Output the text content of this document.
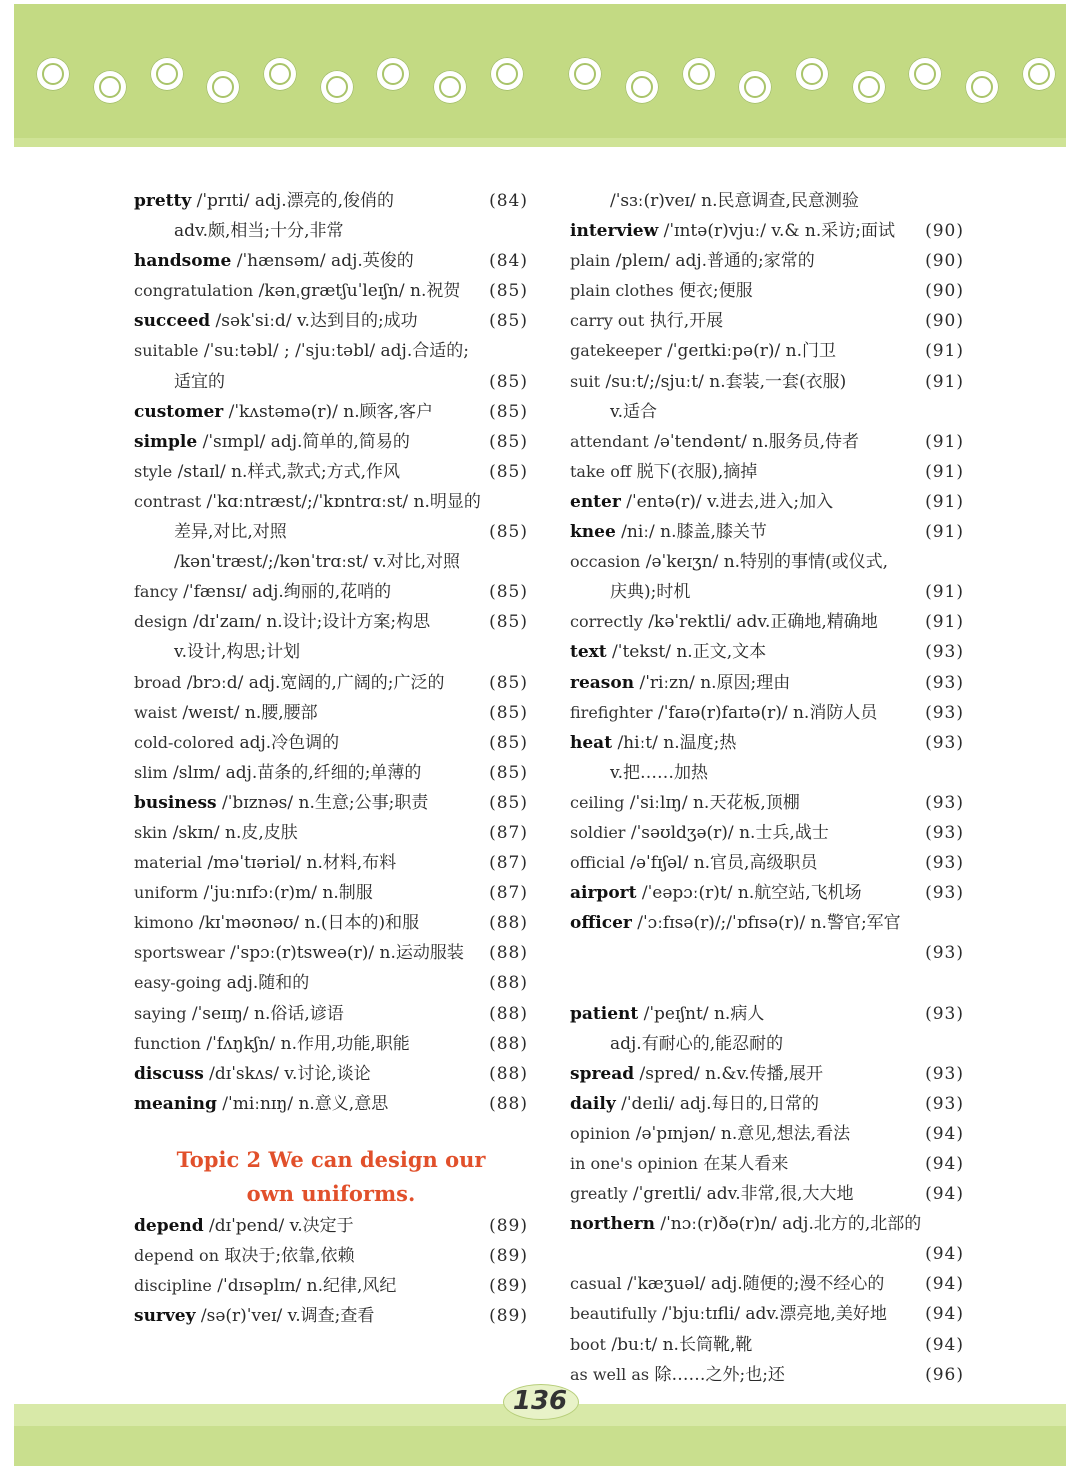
pretty /ˈprɪti/ adj.漂亮的,俊俏的	(84)
adv.颇,相当;十分,非常
handsome /ˈhænsəm/ adj.英俊的	(84)
congratulation /kənˌgrætʃuˈleɪʃn/ n.祝贺 (85)
succeed /səkˈsiːd/ v.达到目的;成功	(85)
suitable /ˈsuːtəbl/ ; /ˈsjuːtəbl/ adj.合适的;
适宜的	(85)
customer /ˈkʌstəmə(r)/ n.顾客,客户	(85)
simple /ˈsɪmpl/ adj.简单的,简易的	(85)
style /staɪl/ n.样式,款式;方式,作风	(85)
contrast /ˈkɑːntræst/;/ˈkɒntrɑːst/ n.明显的
差异,对比,对照	(85)
/kənˈtræst/;/kənˈtrɑːst/ v.对比,对照
fancy /ˈfænsɪ/ adj.绚丽的,花哨的	(85)
design /dɪˈzaɪn/ n.设计;设计方案;构思	(85)
v.设计,构思;计划
broad /brɔːd/ adj.宽阔的,广阔的;广泛的	(85)
waist /weɪst/ n.腰,腰部	(85)
cold-colored adj.冷色调的	(85)
slim /slɪm/ adj.苗条的,纤细的;单薄的	(85)
business /ˈbɪznəs/ n.生意;公事;职责	(85)
skin /skɪn/ n.皮,皮肤	(87)
material /məˈtɪəriəl/ n.材料,布料	(87)
uniform /ˈjuːnɪfɔː(r)m/ n.制服	(87)
kimono /kɪˈməʊnəʊ/ n.(日本的)和服	(88)
sportswear /ˈspɔː(r)tsweə(r)/ n.运动服装 (88)
easy-going adj.随和的	(88)
saying /ˈseɪɪŋ/ n.俗话,谚语	(88)
function /ˈfʌŋkʃn/ n.作用,功能,职能	(88)
discuss /dɪˈskʌs/ v.讨论,谈论	(88)
meaning /ˈmiːnɪŋ/ n.意义,意思	(88)
Topic 2 We can design our
own uniforms.
depend /dɪˈpend/ v.决定于	(89)
depend on 取决于;依靠,依赖	(89)
discipline /ˈdɪsəplɪn/ n.纪律,风纪	(89)
survey /sə(r)ˈveɪ/ v.调查;查看	(89)
/ˈsɜː(r)veɪ/ n.民意调查,民意测验
interview /ˈɪntə(r)vjuː/ v.& n.采访;面试 (90)
plain /pleɪn/ adj.普通的;家常的	(90)
plain clothes 便衣;便服	(90)
carry out 执行,开展	(90)
gatekeeper /ˈgeɪtkiːpə(r)/ n.门卫	(91)
suit /suːt/;/sjuːt/ n.套装,一套(衣服)	(91)
v.适合
attendant /əˈtendənt/ n.服务员,侍者	(91)
take off 脱下(衣服),摘掉	(91)
enter /ˈentə(r)/ v.进去,进入;加入	(91)
knee /niː/ n.膝盖,膝关节	(91)
occasion /əˈkeɪʒn/ n.特别的事情(或仪式,
庆典);时机	(91)
correctly /kəˈrektli/ adv.正确地,精确地	(91)
text /ˈtekst/ n.正文,文本	(93)
reason /ˈriːzn/ n.原因;理由	(93)
firefighter /ˈfaɪə(r)faɪtə(r)/ n.消防人员	(93)
heat /hiːt/ n.温度;热	(93)
v.把……加热
ceiling /ˈsiːlɪŋ/ n.天花板,顶棚	(93)
soldier /ˈsəʊldʒə(r)/ n.士兵,战士	(93)
official /əˈfɪʃəl/ n.官员,高级职员	(93)
airport /ˈeəpɔː(r)t/ n.航空站,飞机场	(93)
officer /ˈɔːfɪsə(r)/;/ˈɒfɪsə(r)/ n.警官;军官
(93)
patient /ˈpeɪʃnt/ n.病人	(93)
adj.有耐心的,能忍耐的
spread /spred/ n.&v.传播,展开	(93)
daily /ˈdeɪli/ adj.每日的,日常的	(93)
opinion /əˈpɪnjən/ n.意见,想法,看法	(94)
in one's opinion 在某人看来	(94)
greatly /ˈgreɪtli/ adv.非常,很,大大地	(94)
northern /ˈnɔː(r)ðə(r)n/ adj.北方的,北部的
(94)
casual /ˈkæʒuəl/ adj.随便的;漫不经心的 (94)
beautifully /ˈbjuːtɪfli/ adv.漂亮地,美好地 (94)
boot /buːt/ n.长筒靴,靴	(94)
as well as 除……之外;也;还	(96)
136
